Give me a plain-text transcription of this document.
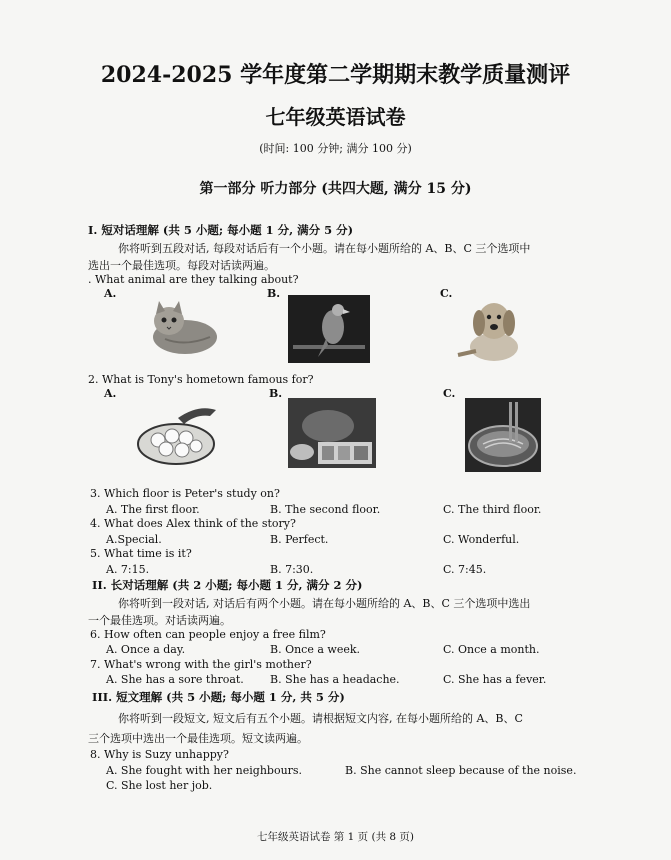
2024-2025 学年度第二学期期末教学质量测评
七年级英语试卷
(时间: 100 分钟; 满分 100 分)
第一部分 听力部分 (共四大题, 满分 15 分)
I. 短对话理解 (共 5 小题; 每小题 1 分, 满分 5 分)
你将听到五段对话, 每段对话后有一个小题。请在每小题所给的 A、B、C 三个选项中
选出一个最佳选项。每段对话读两遍。
. What animal are they talking about?
A.	B.	C.
2. What is Tony's hometown famous for?
A.	B.	C.
3. Which floor is Peter's study on?
A. The first floor.	B. The second floor.	C. The third floor.
4. What does Alex think of the story?
A.Special.	B. Perfect.	C. Wonderful.
5. What time is it?
A. 7:15.	B. 7:30.	C. 7:45.
II. 长对话理解 (共 2 小题; 每小题 1 分, 满分 2 分)
你将听到一段对话, 对话后有两个小题。请在每小题所给的 A、B、C 三个选项中选出
一个最佳选项。对话读两遍。
6. How often can people enjoy a free film?
A. Once a day.	B. Once a week.	C. Once a month.
7. What's wrong with the girl's mother?
A. She has a sore throat. B. She has a headache.	C. She has a fever.
III. 短文理解 (共 5 小题; 每小题 1 分, 共 5 分)
你将听到一段短文, 短文后有五个小题。请根据短文内容, 在每小题所给的 A、B、C
三个选项中选出一个最佳选项。短文读两遍。
8. Why is Suzy unhappy?
A. She fought with her neighbours.	B. She cannot sleep because of the noise.
C. She lost her job.
七年级英语试卷 第 1 页 (共 8 页)
